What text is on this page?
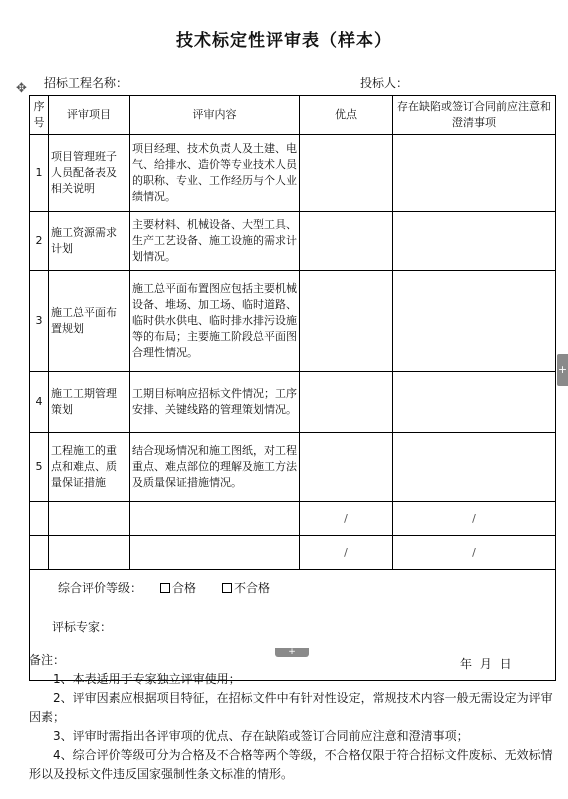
技术标定性评审表（样本）
✥ 招标工程名称：	投标人：
序号	评审项目	评审内容	优点	存在缺陷或签订合同前应注意和澄清事项
1	项目管理班子人员配备表及相关说明	项目经理、技术负责人及土建、电气、给排水、造价等专业技术人员的职称、专业、工作经历与个人业绩情况。		
2	施工资源需求计划	主要材料、机械设备、大型工具、生产工艺设备、施工设施的需求计划情况。		
3	施工总平面布置规划	施工总平面布置图应包括主要机械设备、堆场、加工场、临时道路、临时供水供电、临时排水排污设施等的布局；主要施工阶段总平面图合理性情况。		
4	施工工期管理策划	工期目标响应招标文件情况；工序安排、关键线路的管理策划情况。		
5	工程施工的重点和难点、质量保证措施	结合现场情况和施工图纸，对工程重点、难点部位的理解及施工方法及质量保证措施情况。		
			/	/
			/	/

综合评价等级： 合格 不合格
评标专家：
年 月 日				
+
+

备注：

1、本表适用于专家独立评审使用；

2、评审因素应根据项目特征，在招标文件中有针对性设定，常规技术内容一般无需设定为评审因素；

3、评审时需指出各评审项的优点、存在缺陷或签订合同前应注意和澄清事项；

4、综合评价等级可分为合格及不合格等两个等级，不合格仅限于符合招标文件废标、无效标情形以及投标文件违反国家强制性条文标准的情形。
